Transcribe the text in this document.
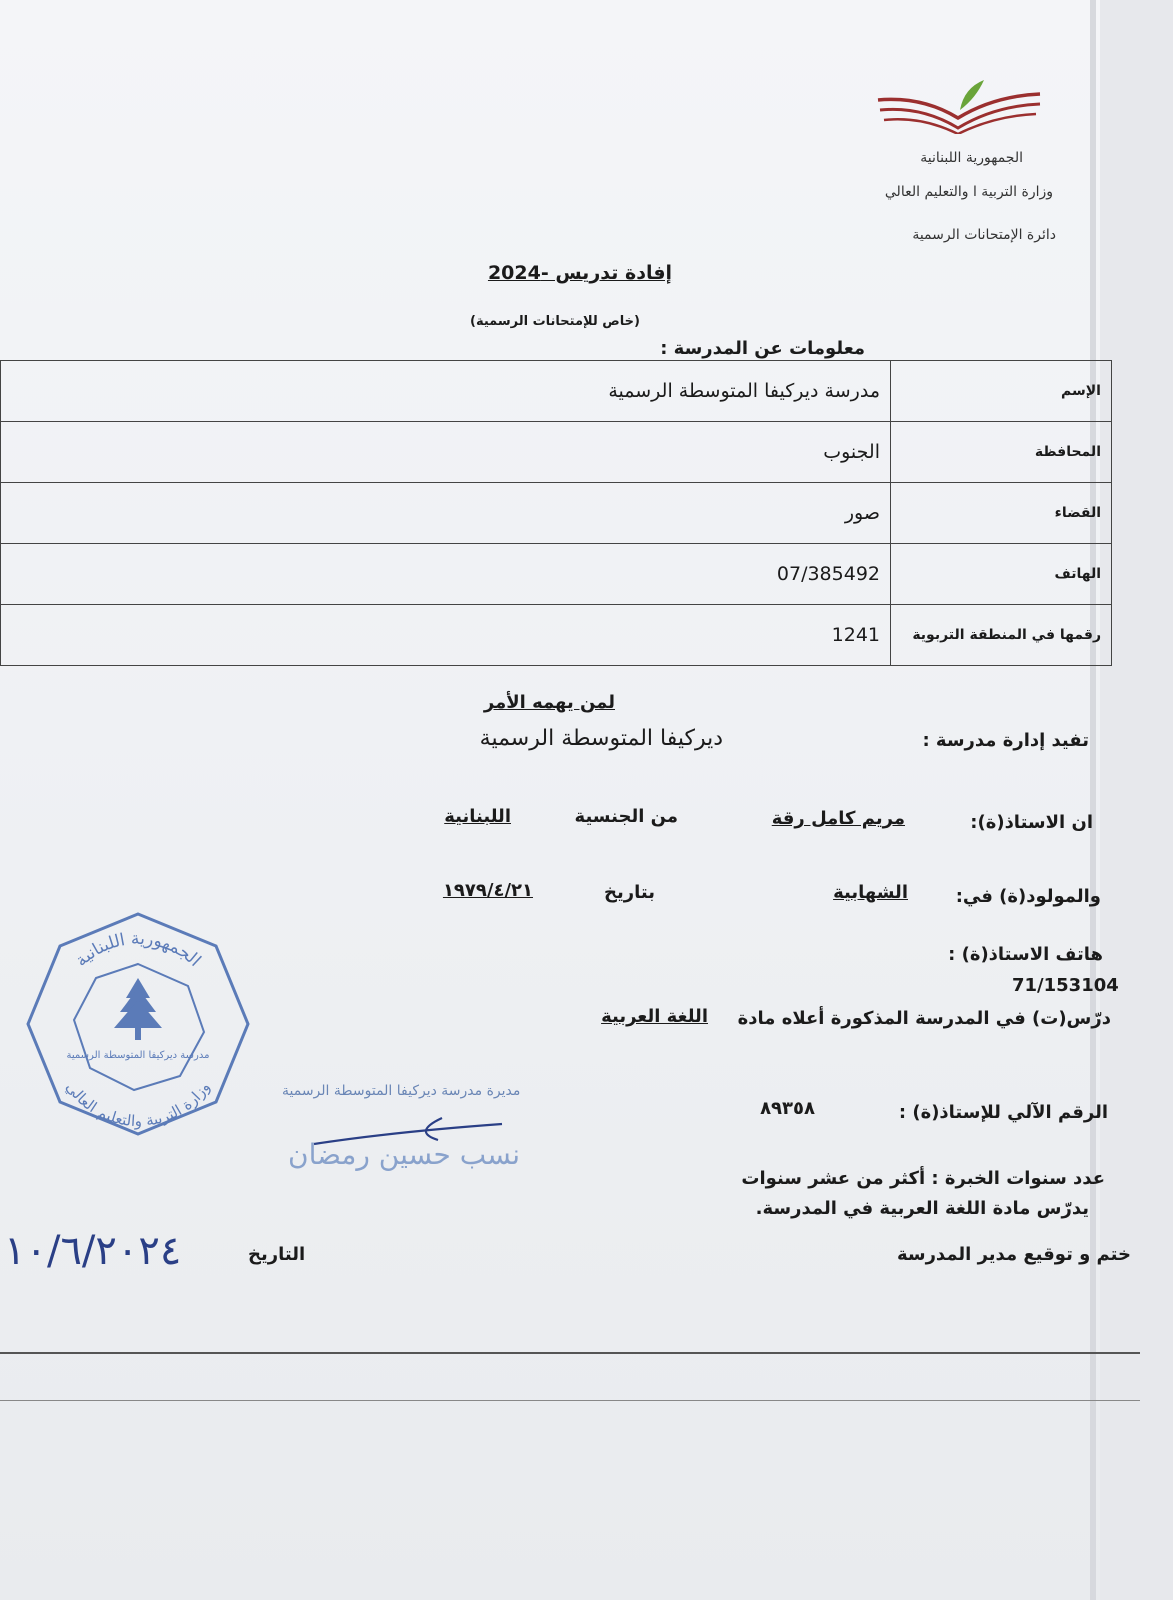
الجمهورية اللبنانية
وزارة التربية ا والتعليم العالي
دائرة الإمتحانات الرسمية
إفادة تدريس -2024
(خاص للإمتحانات الرسمية)
معلومات عن المدرسة :
الإسم	مدرسة ديركيفا المتوسطة الرسمية
المحافظة	الجنوب
القضاء	صور
الهاتف	07/385492
رقمها في المنطقة التربوية	1241
لمن يهمه الأمر
تفيد إدارة مدرسة :
ديركيفا المتوسطة الرسمية
ان الاستاذ(ة):
مريم كامل رقة
من الجنسية
اللبنانية
والمولود(ة) في:
الشهابية
بتاريخ
١٩٧٩/٤/٢١
هاتف الاستاذ(ة) :
71/153104
درّس(ت) في المدرسة المذكورة أعلاه مادة
اللغة العربية
الرقم الآلي للإستاذ(ة) :
٨٩٣٥٨
عدد سنوات الخبرة : أكثر من عشر سنوات
يدرّس مادة اللغة العربية في المدرسة.
الجمهورية اللبنانية
وزارة التربية والتعليم العالي
مدرسة ديركيفا المتوسطة الرسمية
مديرة مدرسة ديركيفا المتوسطة الرسمية
نسب حسين رمضان
ختم و توقيع مدير المدرسة
التاريخ
١٠/٦/٢٠٢٤
